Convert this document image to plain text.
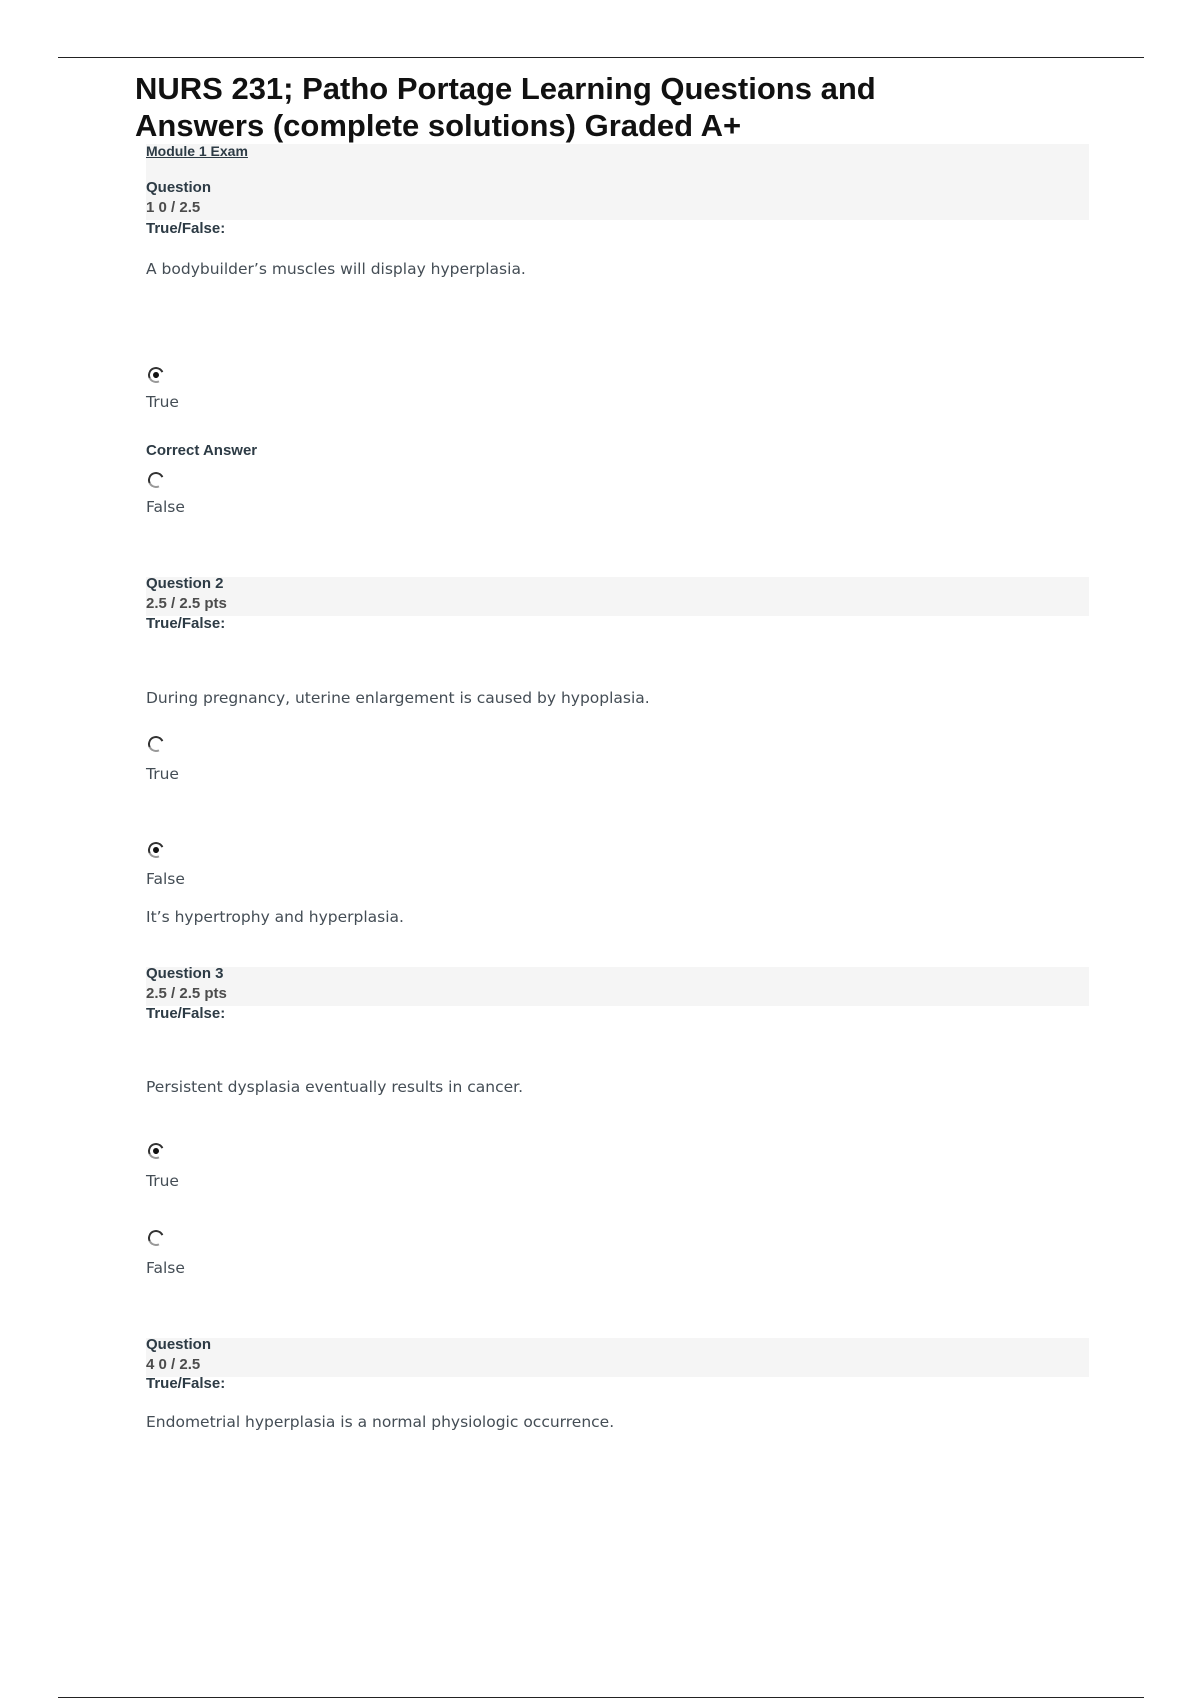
NURS 231; Patho Portage Learning Questions and Answers (complete solutions) Graded A+
Module 1 Exam
Question
1 0 / 2.5
True/False:
A bodybuilder’s muscles will display hyperplasia.
True
Correct Answer
False
Question 2
2.5 / 2.5 pts
True/False:
During pregnancy, uterine enlargement is caused by hypoplasia.
True
False
It’s hypertrophy and hyperplasia.
Question 3
2.5 / 2.5 pts
True/False:
Persistent dysplasia eventually results in cancer.
True
False
Question
4 0 / 2.5
True/False:
Endometrial hyperplasia is a normal physiologic occurrence.
